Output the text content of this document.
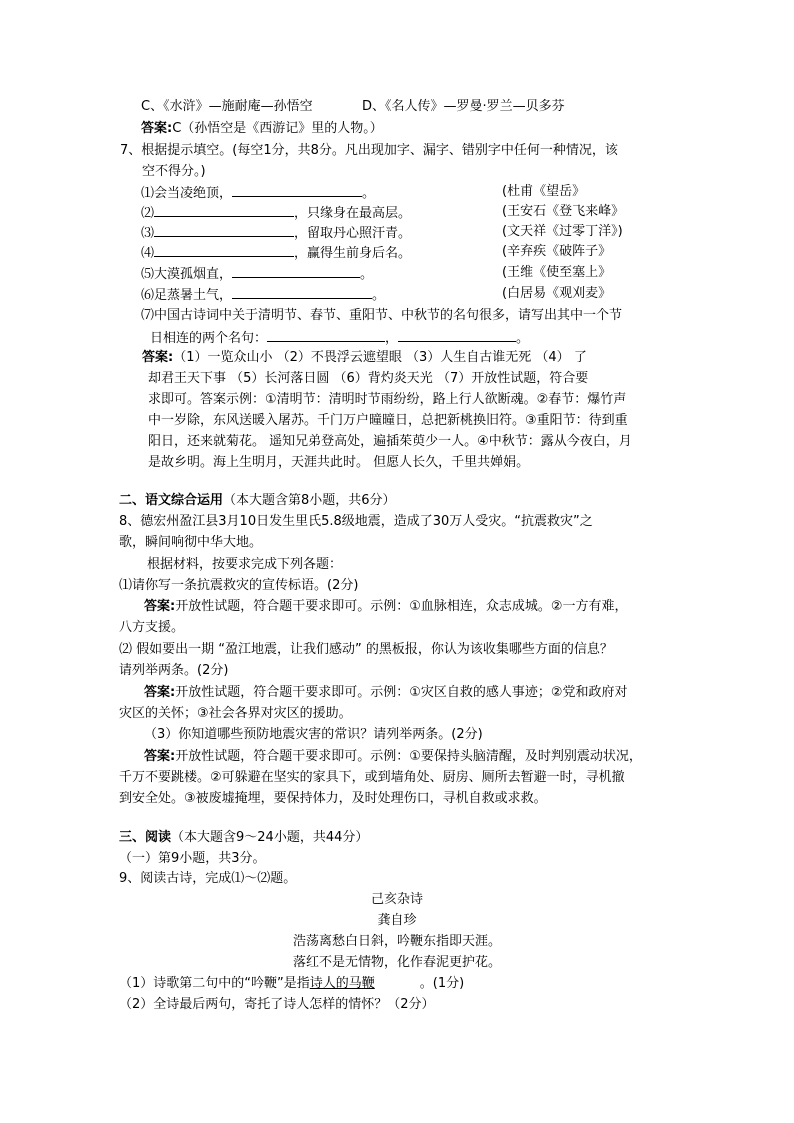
C、《水浒》—施耐庵—孙悟空	D、《名人传》—罗曼·罗兰—贝多芬
答案:C（孙悟空是《西游记》里的人物。）
7、根据提示填空。(每空1分，共8分。凡出现加字、漏字、错别字中任何一种情况，该
空不得分。)
⑴会当凌绝顶，	。	(杜甫《望岳》
⑵	，只缘身在最高层。	(王安石《登飞来峰》
⑶	，留取丹心照汗青。	(文天祥《过零丁洋》)
⑷	，赢得生前身后名。	(辛弃疾《破阵子》
⑸大漠孤烟直，	。	(王维《使至塞上》
⑹足蒸暑土气，	。	(白居易《观刈麦》
⑺中国古诗词中关于清明节、春节、重阳节、中秋节的名句很多，请写出其中一个节
日相连的两个名句：	，	。
答案:（1）一览众山小 （2）不畏浮云遮望眼 （3）人生自古谁无死 （4） 了
却君王天下事 （5）长河落日圆 （6）背灼炎天光 （7）开放性试题，符合要
求即可。答案示例：①清明节：清明时节雨纷纷，路上行人欲断魂。②春节：爆竹声
中一岁除，东风送暖入屠苏。千门万户曈曈日，总把新桃换旧符。③重阳节：待到重
阳日，还来就菊花。 遥知兄弟登高处，遍插茱萸少一人。④中秋节：露从今夜白，月
是故乡明。海上生明月，天涯共此时。 但愿人长久，千里共婵娟。
二、语文综合运用（本大题含第8小题，共6分）
8、德宏州盈江县3月10日发生里氏5.8级地震，造成了30万人受灾。“抗震救灾”之
歌，瞬间响彻中华大地。
根据材料，按要求完成下列各题：
⑴请你写一条抗震救灾的宣传标语。(2分)
答案:开放性试题，符合题干要求即可。示例：①血脉相连，众志成城。②一方有难，
八方支援。
⑵ 假如要出一期 “盈江地震，让我们感动” 的黑板报，你认为该收集哪些方面的信息？
请列举两条。(2分)
答案:开放性试题，符合题干要求即可。示例：①灾区自救的感人事迹；②党和政府对
灾区的关怀；③社会各界对灾区的援助。
（3）你知道哪些预防地震灾害的常识？请列举两条。(2分)
答案:开放性试题，符合题干要求即可。示例：①要保持头脑清醒，及时判别震动状况，
千万不要跳楼。②可躲避在坚实的家具下，或到墙角处、厨房、厕所去暂避一时，寻机撤
到安全处。③被废墟掩埋，要保持体力，及时处理伤口，寻机自救或求救。
三、阅读（本大题含9～24小题，共44分）
（一）第9小题，共3分。
9、阅读古诗，完成⑴～⑵题。
己亥杂诗
龚自珍
浩荡离愁白日斜，吟鞭东指即天涯。
落红不是无情物，化作春泥更护花。
（1）诗歌第二句中的“吟鞭”是指诗人的马鞭	。(1分)
（2）全诗最后两句，寄托了诗人怎样的情怀？（2分）
